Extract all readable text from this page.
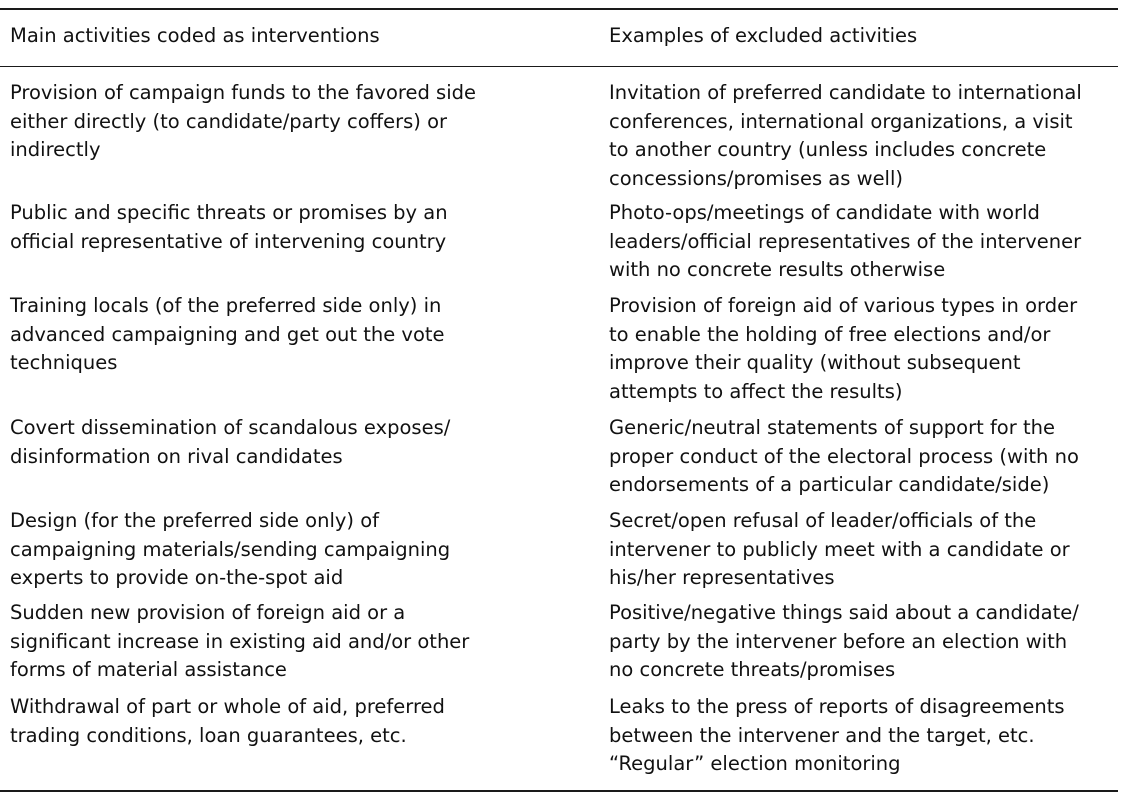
Main activities coded as interventions	Examples of excluded activities
Provision of campaign funds to the favored side
either directly (to candidate/party coffers) or
indirectly
Invitation of preferred candidate to international
conferences, international organizations, a visit
to another country (unless includes concrete
concessions/promises as well)
Public and specific threats or promises by an
official representative of intervening country
Photo-ops/meetings of candidate with world
leaders/official representatives of the intervener
with no concrete results otherwise
Training locals (of the preferred side only) in
advanced campaigning and get out the vote
techniques
Provision of foreign aid of various types in order
to enable the holding of free elections and/or
improve their quality (without subsequent
attempts to affect the results)
Covert dissemination of scandalous exposes/
disinformation on rival candidates
Generic/neutral statements of support for the
proper conduct of the electoral process (with no
endorsements of a particular candidate/side)
Design (for the preferred side only) of
campaigning materials/sending campaigning
experts to provide on-the-spot aid
Secret/open refusal of leader/officials of the
intervener to publicly meet with a candidate or
his/her representatives
Sudden new provision of foreign aid or a
significant increase in existing aid and/or other
forms of material assistance
Positive/negative things said about a candidate/
party by the intervener before an election with
no concrete threats/promises
Withdrawal of part or whole of aid, preferred
trading conditions, loan guarantees, etc.
Leaks to the press of reports of disagreements
between the intervener and the target, etc.
“Regular” election monitoring
